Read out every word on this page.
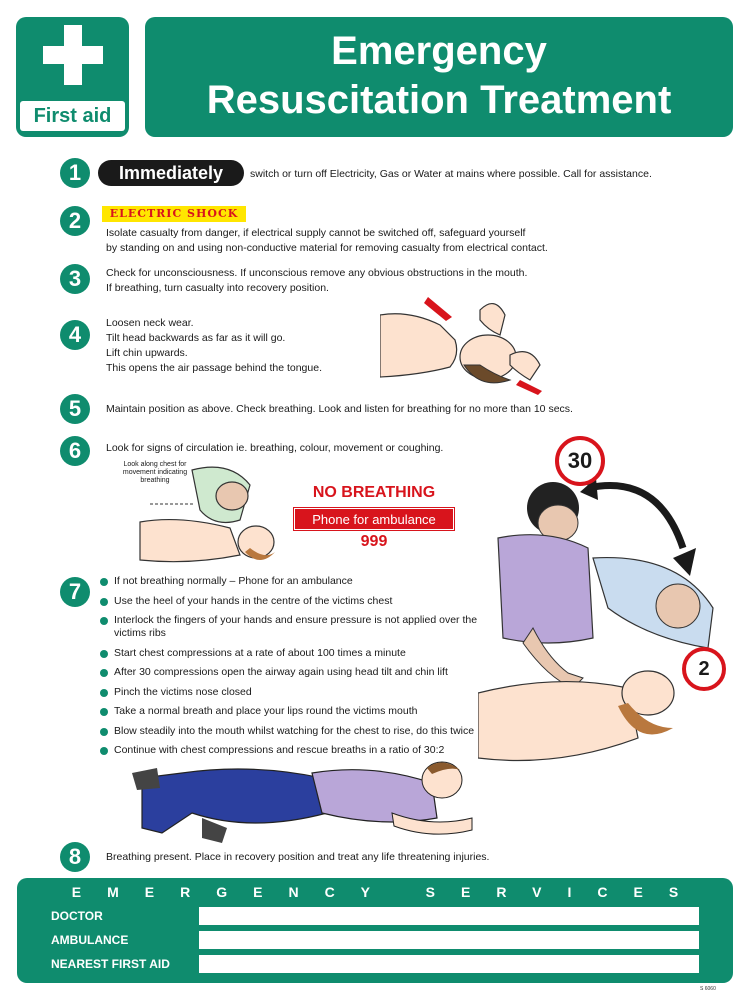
First aid
Emergency
Resuscitation Treatment
1	Immediately	switch or turn off Electricity, Gas or Water at mains where possible. Call for assistance.
2	ELECTRIC SHOCK
Isolate casualty from danger, if electrical supply cannot be switched off, safeguard yourself
by standing on and using non-conductive material for removing casualty from electrical contact.
3	Check for unconsciousness. If unconscious remove any obvious obstructions in the mouth.
If breathing, turn casualty into recovery position.
4	Loosen neck wear.
Tilt head backwards as far as it will go.
Lift chin upwards.
This opens the air passage behind the tongue.
5	Maintain position as above. Check breathing. Look and listen for breathing for no more than 10 secs.
6	Look for signs of circulation ie. breathing, colour, movement or coughing.
Look along chest for movement indicating breathing
NO BREATHING
Phone for ambulance
999
30
2
7	If not breathing normally – Phone for an ambulance
Use the heel of your hands in the centre of the victims chest
Interlock the fingers of your hands and ensure pressure is not applied over the victims ribs
Start chest compressions at a rate of about 100 times a minute
After 30 compressions open the airway again using head tilt and chin lift
Pinch the victims nose closed
Take a normal breath and place your lips round the victims mouth
Blow steadily into the mouth whilst watching for the chest to rise, do this twice
Continue with chest compressions and rescue breaths in a ratio of 30:2
8	Breathing present. Place in recovery position and treat any life threatening injuries.
EMERGENCY SERVICES
DOCTOR
AMBULANCE
NEAREST FIRST AID
S 6060
